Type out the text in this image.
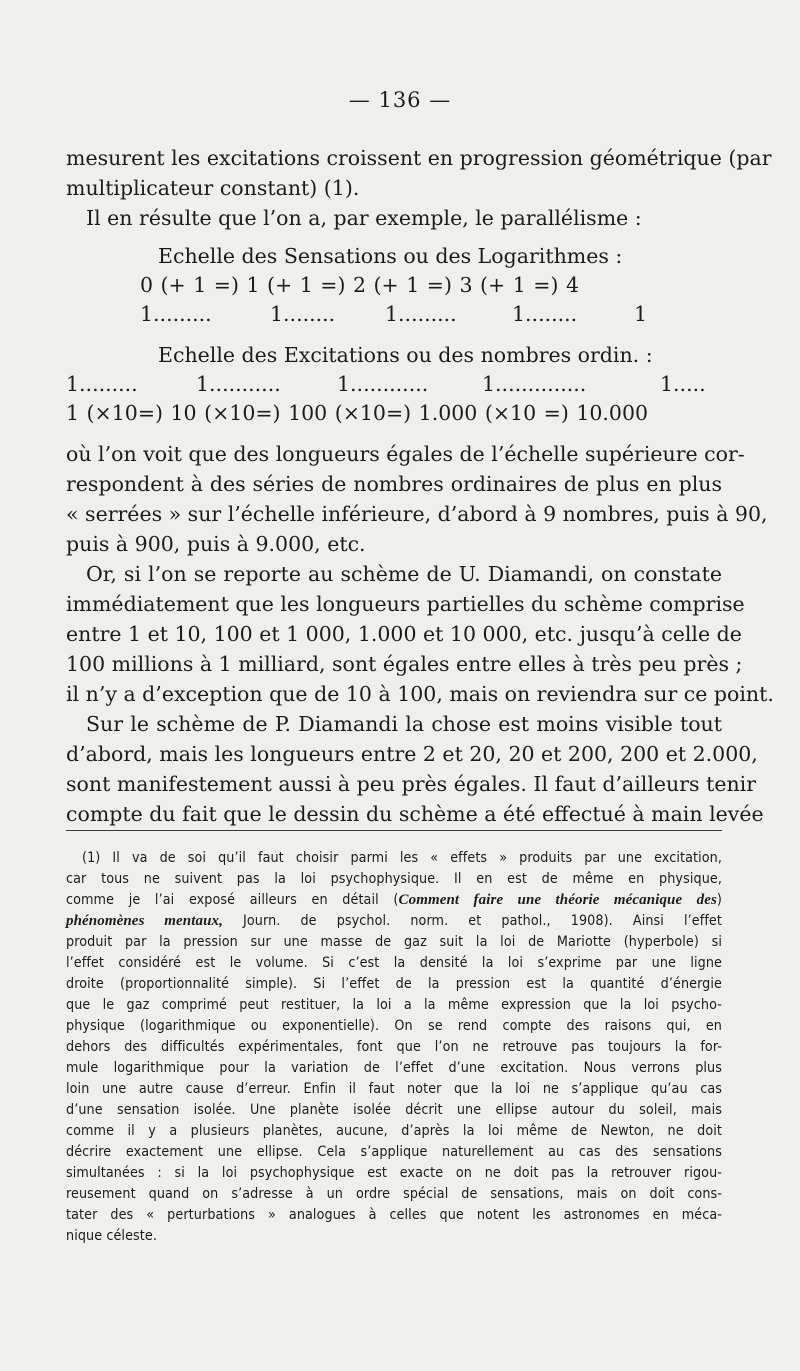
— 136 —
mesurent les excitations croissent en progression géométrique (par
multiplicateur constant) (1).
Il en résulte que l’on a, par exemple, le parallélisme :
Echelle des Sensations ou des Logarithmes :
0 (+ 1 =) 1 (+ 1 =) 2 (+ 1 =) 3 (+ 1 =) 4
1.........	1........ 1.........	1........	1
Echelle des Excitations ou des nombres ordin. :
1.........	1...........	1............	1..............	1.....
1 (×10=) 10 (×10=) 100 (×10=) 1.000 (×10 =) 10.000
où l’on voit que des longueurs égales de l’échelle supérieure cor-
respondent à des séries de nombres ordinaires de plus en plus
« serrées » sur l’échelle inférieure, d’abord à 9 nombres, puis à 90,
puis à 900, puis à 9.000, etc.
Or, si l’on se reporte au schème de U. Diamandi, on constate
immédiatement que les longueurs partielles du schème comprise
entre 1 et 10, 100 et 1 000, 1.000 et 10 000, etc. jusqu’à celle de
100 millions à 1 milliard, sont égales entre elles à très peu près ;
il n’y a d’exception que de 10 à 100, mais on reviendra sur ce point.
Sur le schème de P. Diamandi la chose est moins visible tout
d’abord, mais les longueurs entre 2 et 20, 20 et 200, 200 et 2.000,
sont manifestement aussi à peu près égales. Il faut d’ailleurs tenir
compte du fait que le dessin du schème a été effectué à main levée
(1) Il va de soi qu’il faut choisir parmi les « effets » produits par une excitation,
car tous ne suivent pas la loi psychophysique. Il en est de même en physique,
comme je l’ai exposé ailleurs en détail (Comment faire une théorie mécanique des)
phénomènes mentaux, Journ. de psychol. norm. et pathol., 1908). Ainsi l’effet
produit par la pression sur une masse de gaz suit la loi de Mariotte (hyperbole) si
l’effet considéré est le volume. Si c’est la densité la loi s’exprime par une ligne
droite (proportionnalité simple). Si l’effet de la pression est la quantité d’énergie
que le gaz comprimé peut restituer, la loi a la même expression que la loi psycho-
physique (logarithmique ou exponentielle). On se rend compte des raisons qui, en
dehors des difficultés expérimentales, font que l’on ne retrouve pas toujours la for-
mule logarithmique pour la variation de l’effet d’une excitation. Nous verrons plus
loin une autre cause d’erreur. Enfin il faut noter que la loi ne s’applique qu’au cas
d’une sensation isolée. Une planète isolée décrit une ellipse autour du soleil, mais
comme il y a plusieurs planètes, aucune, d’après la loi même de Newton, ne doit
décrire exactement une ellipse. Cela s’applique naturellement au cas des sensations
simultanées : si la loi psychophysique est exacte on ne doit pas la retrouver rigou-
reusement quand on s’adresse à un ordre spécial de sensations, mais on doit cons-
tater des « perturbations » analogues à celles que notent les astronomes en méca-
nique céleste.
